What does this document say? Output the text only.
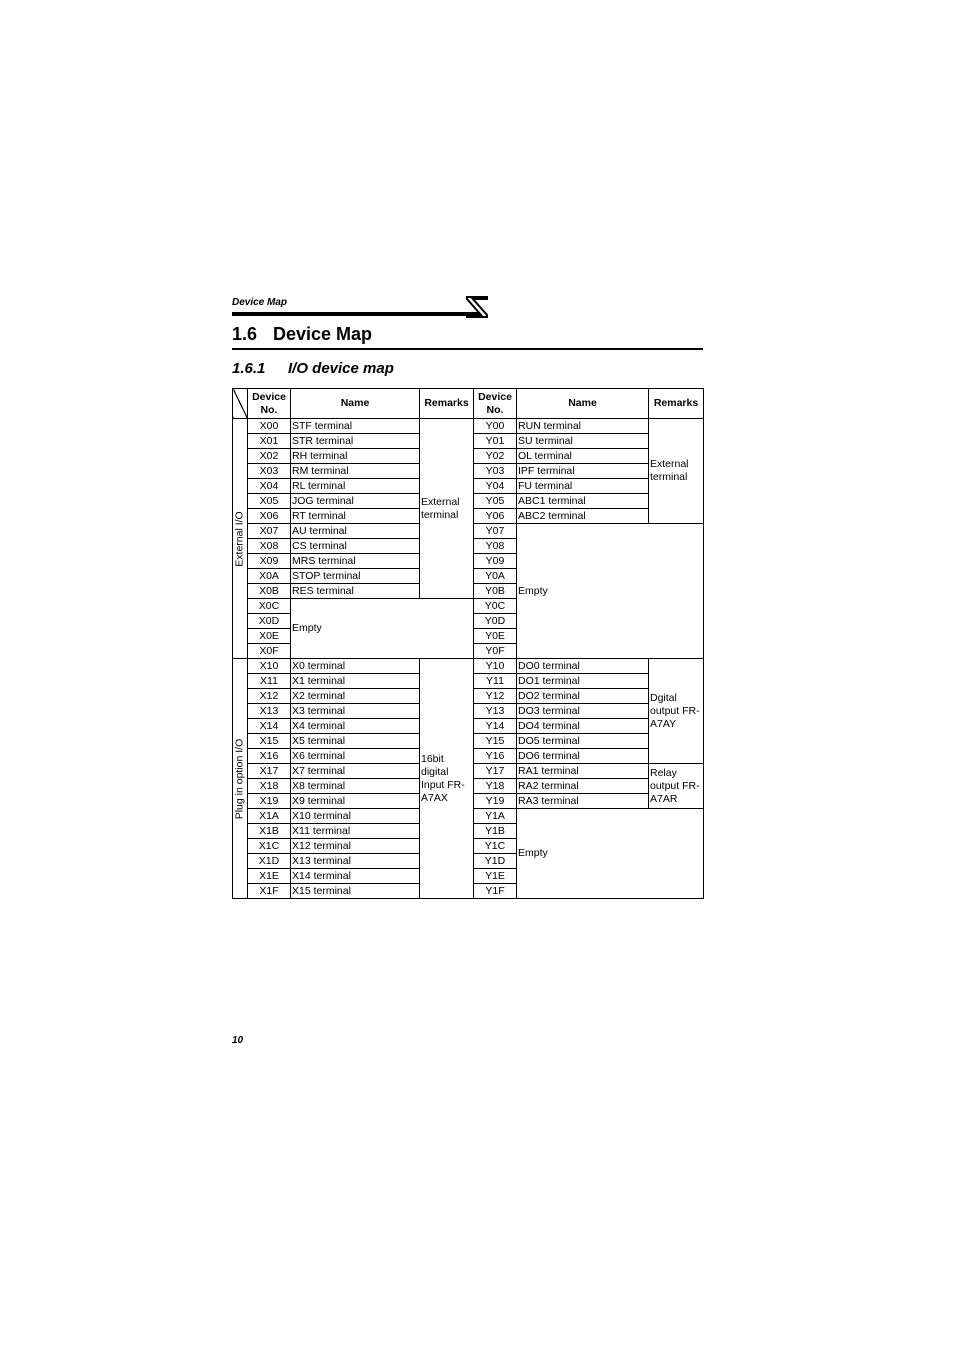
Device Map
1.6 Device Map
1.6.1 I/O device map
	Device No.	Name	Remarks	Device No.	Name	Remarks

External I/O	X00	STF terminal	External terminal	Y00	RUN terminal	External terminal
	X01	STR terminal		Y01	SU terminal	
	X02	RH terminal		Y02	OL terminal	
	X03	RM terminal		Y03	IPF terminal	
	X04	RL terminal		Y04	FU terminal	
	X05	JOG terminal		Y05	ABC1 terminal	
	X06	RT terminal		Y06	ABC2 terminal	
	X07	AU terminal		Y07	Empty	
	X08	CS terminal		Y08		
	X09	MRS terminal		Y09		
	X0A	STOP terminal		Y0A		
	X0B	RES terminal		Y0B		
	X0C	Empty		Y0C		
	X0D			Y0D		
	X0E			Y0E		
	X0F			Y0F		

Plug in option I/O	X10	X0 terminal	16bit digital Input FR-A7AX	Y10	DO0 terminal	Dgital output FR-A7AY
	X11	X1 terminal		Y11	DO1 terminal	
	X12	X2 terminal		Y12	DO2 terminal	
	X13	X3 terminal		Y13	DO3 terminal	
	X14	X4 terminal		Y14	DO4 terminal	
	X15	X5 terminal		Y15	DO5 terminal	
	X16	X6 terminal		Y16	DO6 terminal	
	X17	X7 terminal		Y17	RA1 terminal	Relay output FR-A7AR
	X18	X8 terminal		Y18	RA2 terminal	
	X19	X9 terminal		Y19	RA3 terminal	
	X1A	X10 terminal		Y1A	Empty	
	X1B	X11 terminal		Y1B		
	X1C	X12 terminal		Y1C		
	X1D	X13 terminal		Y1D		
	X1E	X14 terminal		Y1E		
	X1F	X15 terminal		Y1F		
10
